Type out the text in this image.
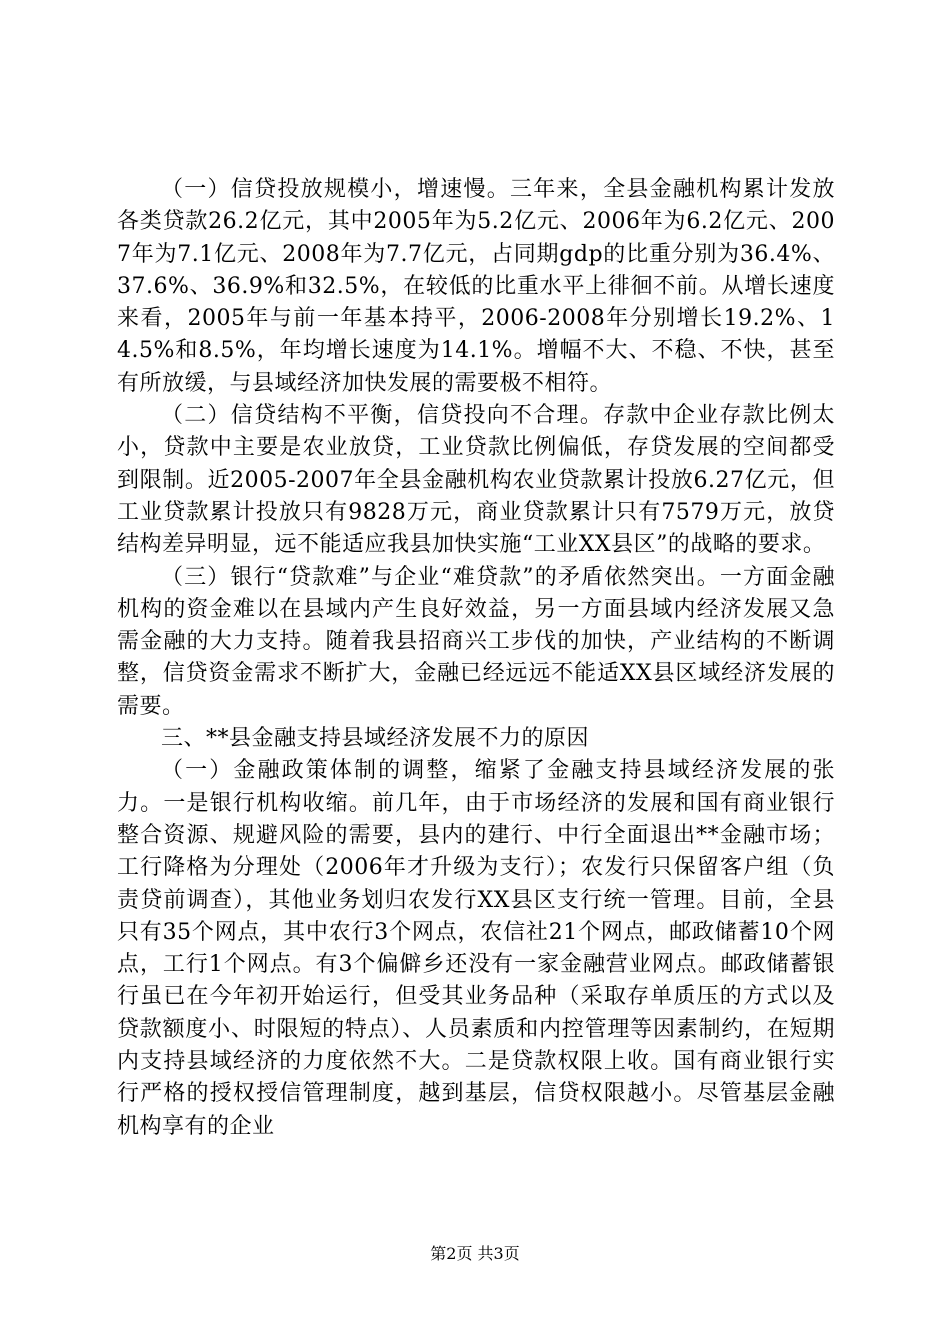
（一）信贷投放规模小，增速慢。三年来，全县金融机构累计发放各类贷款26.2亿元，其中2005年为5.2亿元、2006年为6.2亿元、2007年为7.1亿元、2008年为7.7亿元，占同期gdp的比重分别为36.4%、37.6%、36.9%和32.5%，在较低的比重水平上徘徊不前。从增长速度来看，2005年与前一年基本持平，2006-2008年分别增长19.2%、14.5%和8.5%，年均增长速度为14.1%。增幅不大、不稳、不快，甚至有所放缓，与县域经济加快发展的需要极不相符。

（二）信贷结构不平衡，信贷投向不合理。存款中企业存款比例太小，贷款中主要是农业放贷，工业贷款比例偏低，存贷发展的空间都受到限制。近2005-2007年全县金融机构农业贷款累计投放6.27亿元，但工业贷款累计投放只有9828万元，商业贷款累计只有7579万元，放贷结构差异明显，远不能适应我县加快实施“工业XX县区”的战略的要求。

（三）银行“贷款难”与企业“难贷款”的矛盾依然突出。一方面金融机构的资金难以在县域内产生良好效益，另一方面县域内经济发展又急需金融的大力支持。随着我县招商兴工步伐的加快，产业结构的不断调整，信贷资金需求不断扩大，金融已经远远不能适XX县区域经济发展的需要。

三、**县金融支持县域经济发展不力的原因

（一）金融政策体制的调整，缩紧了金融支持县域经济发展的张力。一是银行机构收缩。前几年，由于市场经济的发展和国有商业银行整合资源、规避风险的需要，县内的建行、中行全面退出**金融市场；工行降格为分理处（2006年才升级为支行）；农发行只保留客户组（负责贷前调查），其他业务划归农发行XX县区支行统一管理。目前，全县只有35个网点，其中农行3个网点，农信社21个网点，邮政储蓄10个网点，工行1个网点。有3个偏僻乡还没有一家金融营业网点。邮政储蓄银行虽已在今年初开始运行，但受其业务品种（采取存单质压的方式以及贷款额度小、时限短的特点）、人员素质和内控管理等因素制约，在短期内支持县域经济的力度依然不大。二是贷款权限上收。国有商业银行实行严格的授权授信管理制度，越到基层，信贷权限越小。尽管基层金融机构享有的企业

第2页 共3页
